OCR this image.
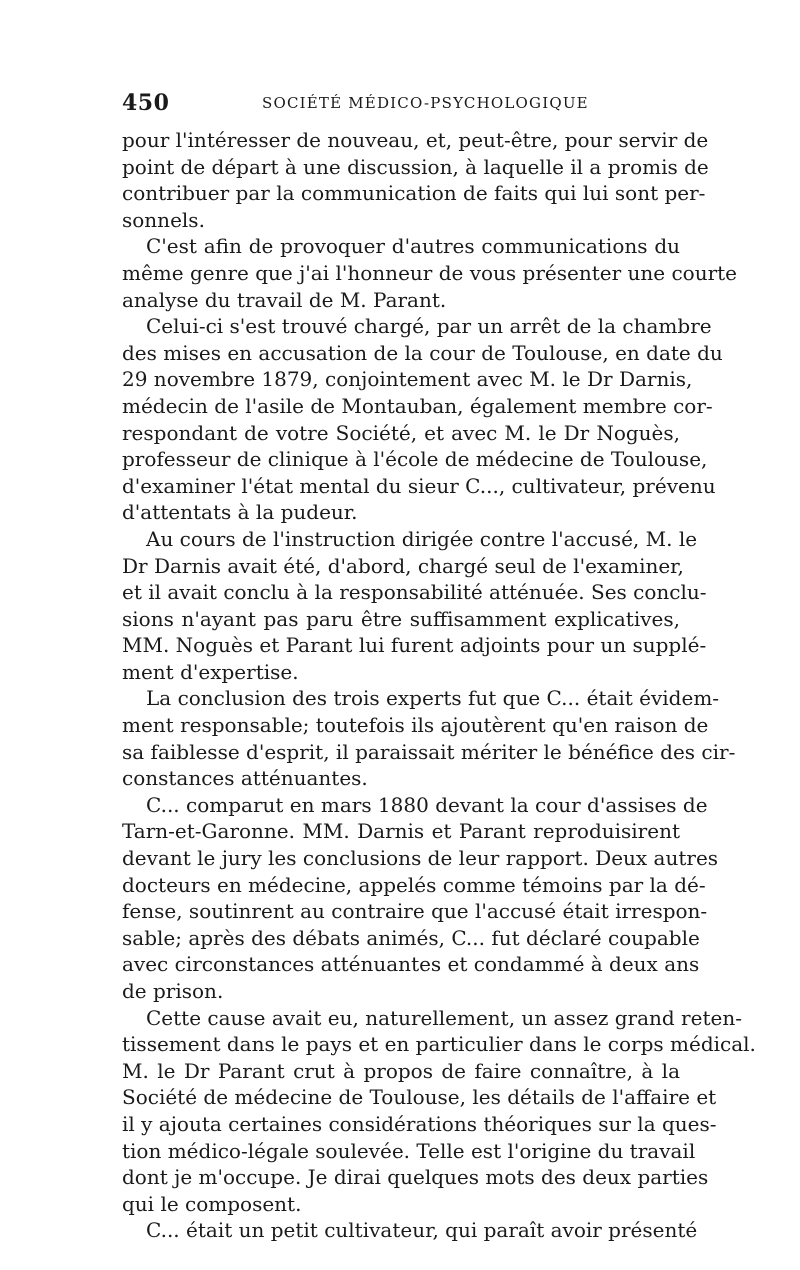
450	SOCIÉTÉ MÉDICO-PSYCHOLOGIQUE
pour l'intéresser de nouveau, et, peut-être, pour servir de
point de départ à une discussion, à laquelle il a promis de
contribuer par la communication de faits qui lui sont per-
sonnels.
C'est afin de provoquer d'autres communications du
même genre que j'ai l'honneur de vous présenter une courte
analyse du travail de M. Parant.
Celui-ci s'est trouvé chargé, par un arrêt de la chambre
des mises en accusation de la cour de Toulouse, en date du
29 novembre 1879, conjointement avec M. le Dr Darnis,
médecin de l'asile de Montauban, également membre cor-
respondant de votre Société, et avec M. le Dr Noguès,
professeur de clinique à l'école de médecine de Toulouse,
d'examiner l'état mental du sieur C..., cultivateur, prévenu
d'attentats à la pudeur.
Au cours de l'instruction dirigée contre l'accusé, M. le
Dr Darnis avait été, d'abord, chargé seul de l'examiner,
et il avait conclu à la responsabilité atténuée. Ses conclu-
sions n'ayant pas paru être suffisamment explicatives,
MM. Noguès et Parant lui furent adjoints pour un supplé-
ment d'expertise.
La conclusion des trois experts fut que C... était évidem-
ment responsable; toutefois ils ajoutèrent qu'en raison de
sa faiblesse d'esprit, il paraissait mériter le bénéfice des cir-
constances atténuantes.
C... comparut en mars 1880 devant la cour d'assises de
Tarn-et-Garonne. MM. Darnis et Parant reproduisirent
devant le jury les conclusions de leur rapport. Deux autres
docteurs en médecine, appelés comme témoins par la dé-
fense, soutinrent au contraire que l'accusé était irrespon-
sable; après des débats animés, C... fut déclaré coupable
avec circonstances atténuantes et condammé à deux ans
de prison.
Cette cause avait eu, naturellement, un assez grand reten-
tissement dans le pays et en particulier dans le corps médical.
M. le Dr Parant crut à propos de faire connaître, à la
Société de médecine de Toulouse, les détails de l'affaire et
il y ajouta certaines considérations théoriques sur la ques-
tion médico-légale soulevée. Telle est l'origine du travail
dont je m'occupe. Je dirai quelques mots des deux parties
qui le composent.
C... était un petit cultivateur, qui paraît avoir présenté
